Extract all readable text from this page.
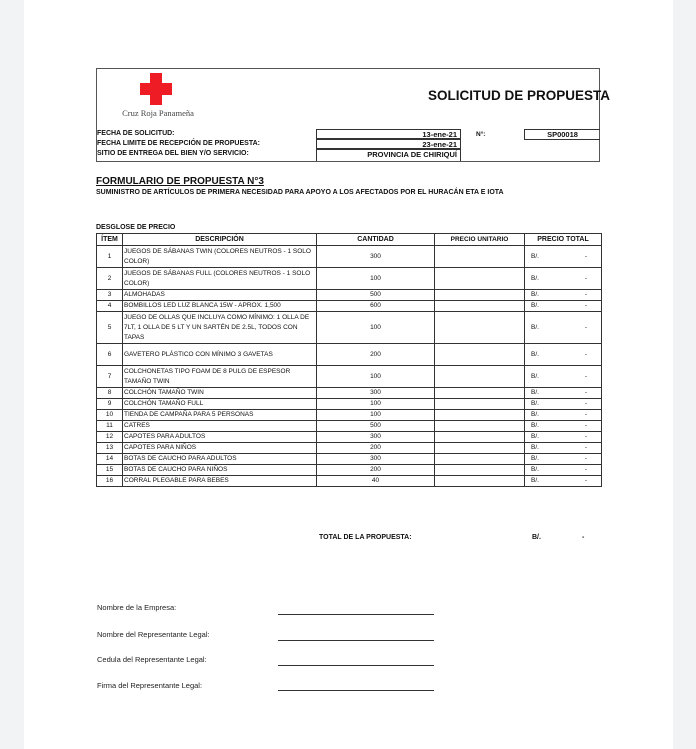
Cruz Roja Panameña
SOLICITUD DE PROPUESTA
FECHA DE SOLICITUD:	13-ene-21
FECHA LIMITE DE RECEPCIÓN DE PROPUESTA:	23-ene-21
SITIO DE ENTREGA DEL BIEN Y/O SERVICIO:	PROVINCIA DE CHIRIQUÍ
N°:	SP00018
FORMULARIO DE PROPUESTA N°3
SUMINISTRO DE ARTÍCULOS DE PRIMERA NECESIDAD PARA APOYO A LOS AFECTADOS POR EL HURACÁN ETA E IOTA
DESGLOSE DE PRECIO
ÍTEM	DESCRIPCIÓN	CANTIDAD	PRECIO UNITARIO	PRECIO TOTAL
1	JUEGOS DE SÁBANAS TWIN (COLORES NEUTROS - 1 SOLO COLOR)	300		B/. -

2	JUEGOS DE SÁBANAS FULL (COLORES NEUTROS - 1 SOLO COLOR)	100		B/. -

3	ALMOHADAS	500		B/. -

4	BOMBILLOS LED LUZ BLANCA 15W - APROX. 1,500	600		B/. -

5	JUEGO DE OLLAS QUE INCLUYA COMO MÍNIMO: 1 OLLA DE 7LT, 1 OLLA DE 5 LT Y UN SARTÉN DE 2.5L, TODOS CON TAPAS	100		B/. -

6	GAVETERO PLÁSTICO CON MÍNIMO 3 GAVETAS	200		B/. -

7	COLCHONETAS TIPO FOAM DE 8 PULG DE ESPESOR TAMAÑO TWIN	100		B/. -

8	COLCHÓN TAMAÑO TWIN	300		B/. -

9	COLCHÓN TAMAÑO FULL	100		B/. -

10	TIENDA DE CAMPAÑA PARA 5 PERSONAS	100		B/. -

11	CATRES	500		B/. -

12	CAPOTES PARA ADULTOS	300		B/. -

13	CAPOTES PARA NIÑOS	200		B/. -

14	BOTAS DE CAUCHO PARA ADULTOS	300		B/. -

15	BOTAS DE CAUCHO PARA NIÑOS	200		B/. -

16	CORRAL PLEGABLE PARA BEBES	40		B/. -
TOTAL DE LA PROPUESTA:	B/.	-
Nombre de la Empresa:
Nombre del Representante Legal:
Cedula del Representante Legal:
Firma del Representante Legal:
